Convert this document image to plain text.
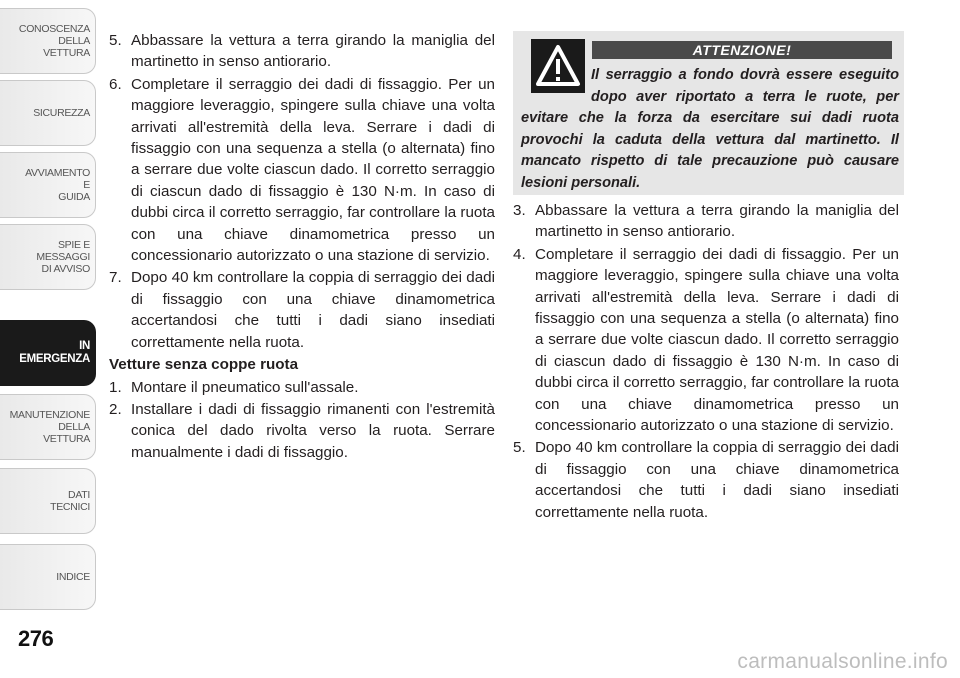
CONOSCENZA
DELLA
VETTURA
SICUREZZA
AVVIAMENTO
E
GUIDA
SPIE E
MESSAGGI
DI AVVISO
IN
EMERGENZA
MANUTENZIONE
DELLA
VETTURA
DATI
TECNICI
INDICE
276
5. Abbassare la vettura a terra girando la maniglia del martinetto in senso antiorario.
6. Completare il serraggio dei dadi di fissaggio. Per un maggiore leveraggio, spingere sulla chiave una volta arrivati all'estremità della leva. Serrare i dadi di fissaggio con una sequenza a stella (o alternata) fino a serrare due volte ciascun dado. Il corretto serraggio di ciascun dado di fissaggio è 130 N·m. In caso di dubbi circa il corretto serraggio, far controllare la ruota con una chiave dinamometrica presso un concessionario autorizzato o una stazione di servizio.
7. Dopo 40 km controllare la coppia di serraggio dei dadi di fissaggio con una chiave dinamometrica accertandosi che tutti i dadi siano insediati correttamente nella ruota.
Vetture senza coppe ruota
1. Montare il pneumatico sull'assale.
2. Installare i dadi di fissaggio rimanenti con l'estremità conica del dado rivolta verso la ruota. Serrare manualmente i dadi di fissaggio.
ATTENZIONE!
Il serraggio a fondo dovrà essere eseguito dopo aver riportato a terra le ruote, per evitare che la forza da esercitare sui dadi ruota provochi la caduta della vettura dal martinetto. Il mancato rispetto di tale precauzione può causare lesioni personali.
3. Abbassare la vettura a terra girando la maniglia del martinetto in senso antiorario.
4. Completare il serraggio dei dadi di fissaggio. Per un maggiore leveraggio, spingere sulla chiave una volta arrivati all'estremità della leva. Serrare i dadi di fissaggio con una sequenza a stella (o alternata) fino a serrare due volte ciascun dado. Il corretto serraggio di ciascun dado di fissaggio è 130 N·m. In caso di dubbi circa il corretto serraggio, far controllare la ruota con una chiave dinamometrica presso un concessionario autorizzato o una stazione di servizio.
5. Dopo 40 km controllare la coppia di serraggio dei dadi di fissaggio con una chiave dinamometrica accertandosi che tutti i dadi siano insediati correttamente nella ruota.
carmanualsonline.info
